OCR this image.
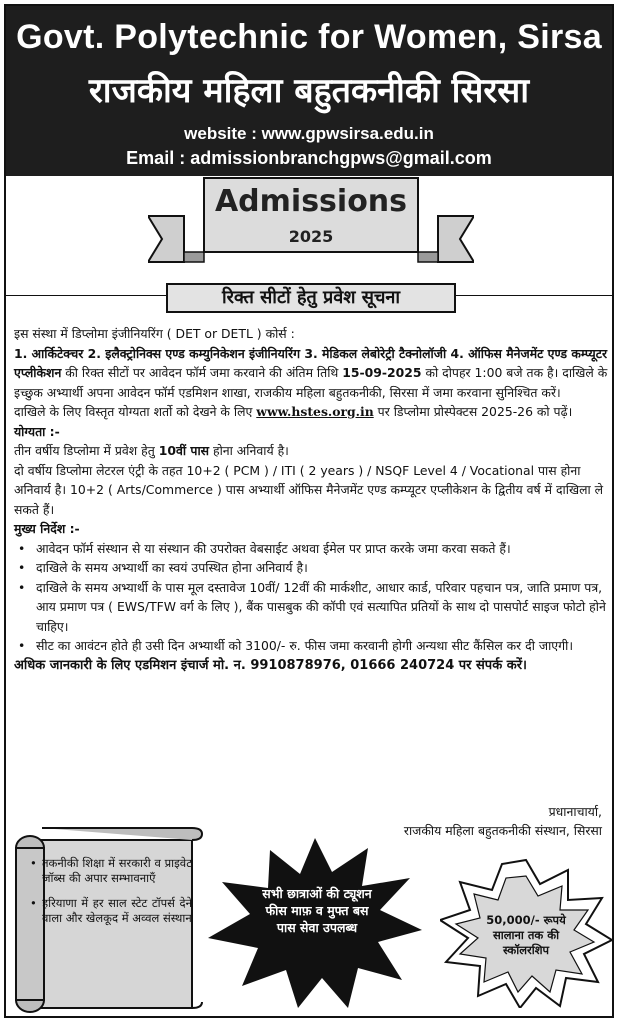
Govt. Polytechnic for Women, Sirsa
राजकीय महिला बहुतकनीकी सिरसा
website : www.gpwsirsa.edu.in
Email : admissionbranchgpws@gmail.com
Admissions
2025
रिक्त सीटों हेतु प्रवेश सूचना

इस संस्था में डिप्लोमा इंजीनियरिंग ( DET or DETL ) कोर्स :

1. आर्किटेक्चर 2. इलैक्ट्रोनिक्स एण्ड कम्युनिकेशन इंजीनियरिंग 3. मेडिकल लेबोरेट्री टैक्नोलॉजी 4. ऑफिस मैनेजमेंट एण्ड कम्प्यूटर एप्लीकेशन की रिक्त सीटों पर आवेदन फॉर्म जमा करवाने की अंतिम तिथि 15-09-2025 को दोपहर 1:00 बजे तक है। दाखिले के इच्छुक अभ्यार्थी अपना आवेदन फॉर्म एडमिशन शाखा, राजकीय महिला बहुतकनीकी, सिरसा में जमा करवाना सुनिश्चित करें।

दाखिले के लिए विस्तृत योग्यता शर्तो को देखने के लिए www.hstes.org.in पर डिप्लोमा प्रोस्पेक्टस 2025-26 को पढ़ें।

योग्यता :-

तीन वर्षीय डिप्लोमा में प्रवेश हेतु 10वीं पास होना अनिवार्य है।

दो वर्षीय डिप्लोमा लेटरल एंट्री के तहत 10+2 ( PCM ) / ITI ( 2 years ) / NSQF Level 4 / Vocational पास होना अनिवार्य है। 10+2 ( Arts/Commerce ) पास अभ्यार्थी ऑफिस मैनेजमेंट एण्ड कम्प्यूटर एप्लीकेशन के द्वितीय वर्ष में दाखिला ले सकते हैं।

मुख्य निर्देश :-

• आवेदन फॉर्म संस्थान से या संस्थान की उपरोक्त वेबसाईट अथवा ईमेल पर प्राप्त करके जमा करवा सकते हैं।
• दाखिले के समय अभ्यार्थी का स्वयं उपस्थित होना अनिवार्य है।
• दाखिले के समय अभ्यार्थी के पास मूल दस्तावेज 10वीं/ 12वीं की मार्कशीट, आधार कार्ड, परिवार पहचान पत्र, जाति प्रमाण पत्र, आय प्रमाण पत्र ( EWS/TFW वर्ग के लिए ), बैंक पासबुक की कॉपी एवं सत्यापित प्रतियों के साथ दो पासपोर्ट साइज फोटो होने चाहिए।
• सीट का आवंटन होते ही उसी दिन अभ्यार्थी को 3100/- रु. फीस जमा करवानी होगी अन्यथा सीट कैंसिल कर दी जाएगी।

अधिक जानकारी के लिए एडमिशन इंचार्ज मो. न. 9910878976, 01666 240724 पर संपर्क करें।

प्रधानाचार्या,
राजकीय महिला बहुतकनीकी संस्थान, सिरसा
• तकनीकी शिक्षा में सरकारी व प्राइवेट जॉब्स की अपार सम्भावनाएँ
• हरियाणा में हर साल स्टेट टॉपर्स देने वाला और खेलकूद में अव्वल संस्थान
सभी छात्राओं की ट्यूशन फीस माफ़ व मुफ्त बस पास सेवा उपलब्ध	50,000/- रूपये सालाना तक की स्कॉलरशिप
